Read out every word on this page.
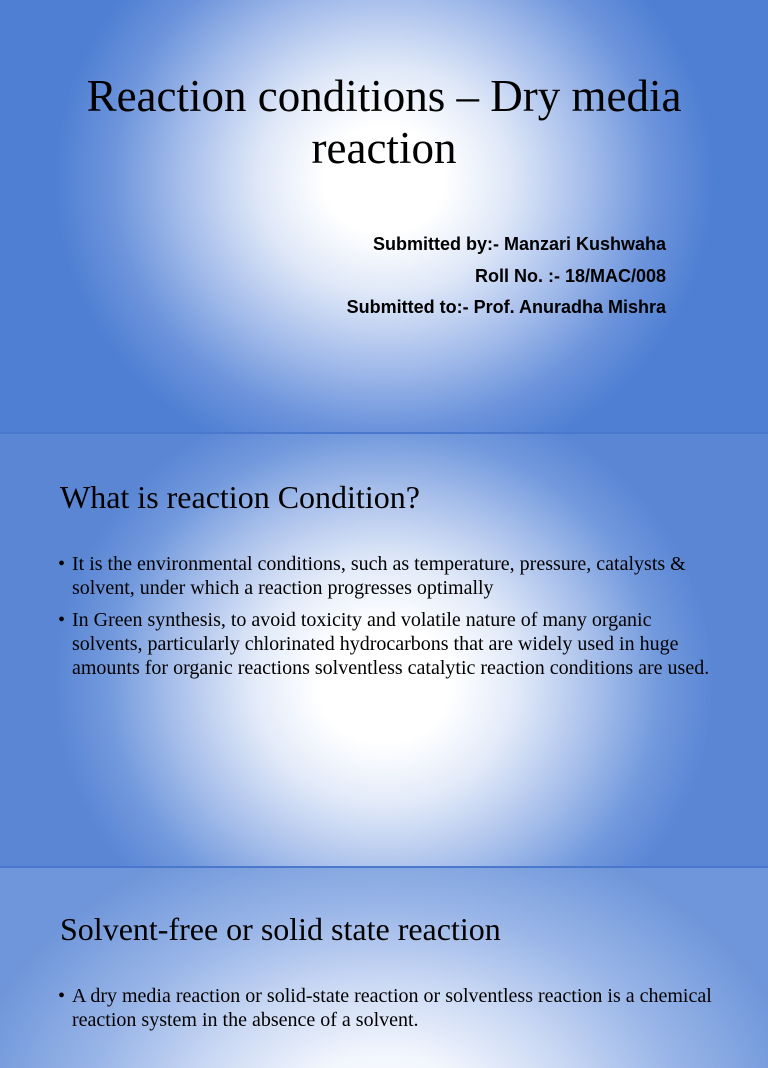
Reaction conditions – Dry media reaction
Submitted by:- Manzari Kushwaha
Roll No. :- 18/MAC/008
Submitted to:- Prof. Anuradha Mishra
What is reaction Condition?
• It is the environmental conditions, such as temperature, pressure, catalysts & solvent, under which a reaction progresses optimally
• In Green synthesis, to avoid toxicity and volatile nature of many organic solvents, particularly chlorinated hydrocarbons that are widely used in huge amounts for organic reactions solventless catalytic reaction conditions are used.
Solvent-free or solid state reaction
• A dry media reaction or solid-state reaction or solventless reaction is a chemical reaction system in the absence of a solvent.
